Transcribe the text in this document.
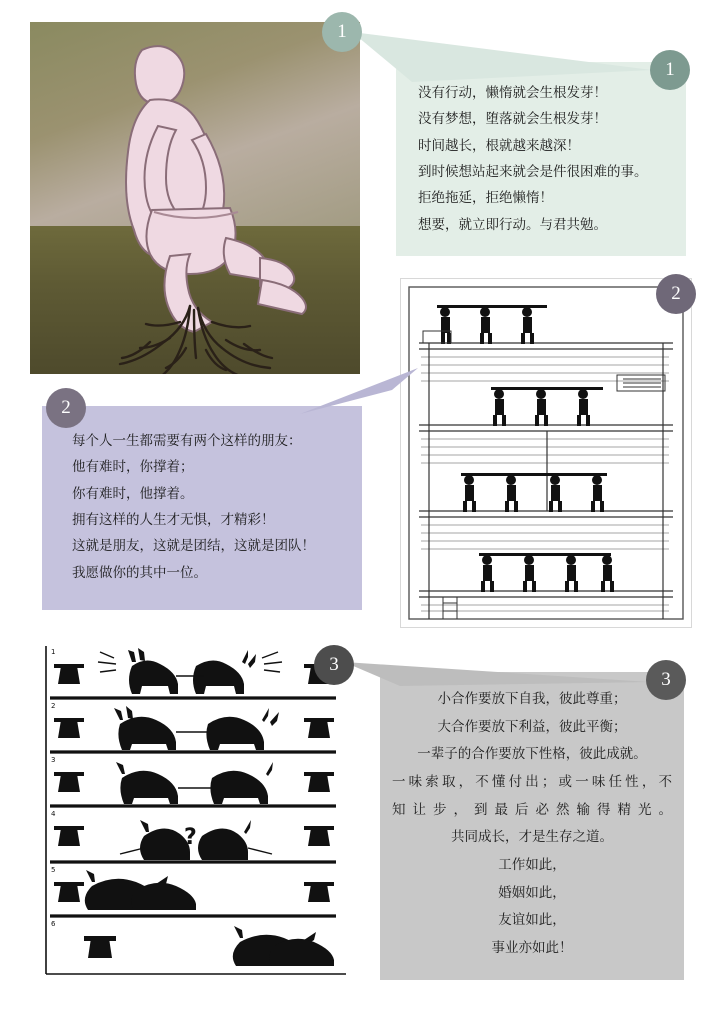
1
1

没有行动，懒惰就会生根发芽！

没有梦想，堕落就会生根发芽！

时间越长，根就越来越深！

到时候想站起来就会是件很困难的事。

拒绝拖延，拒绝懒惰！

想要，就立即行动。与君共勉。

2
2

每个人一生都需要有两个这样的朋友：

他有难时，你撑着；

你有难时，他撑着。

拥有这样的人生才无惧，才精彩！

这就是朋友，这就是团结，这就是团队！

我愿做你的其中一位。

1
2
3
4
5
6
?
3
3

小合作要放下自我，彼此尊重；

大合作要放下利益，彼此平衡；

一辈子的合作要放下性格，彼此成就。

一味索取，不懂付出；或一味任性，不

知让步，到最后必然输得精光。

共同成长，才是生存之道。

工作如此，

婚姻如此，

友谊如此，

事业亦如此！
